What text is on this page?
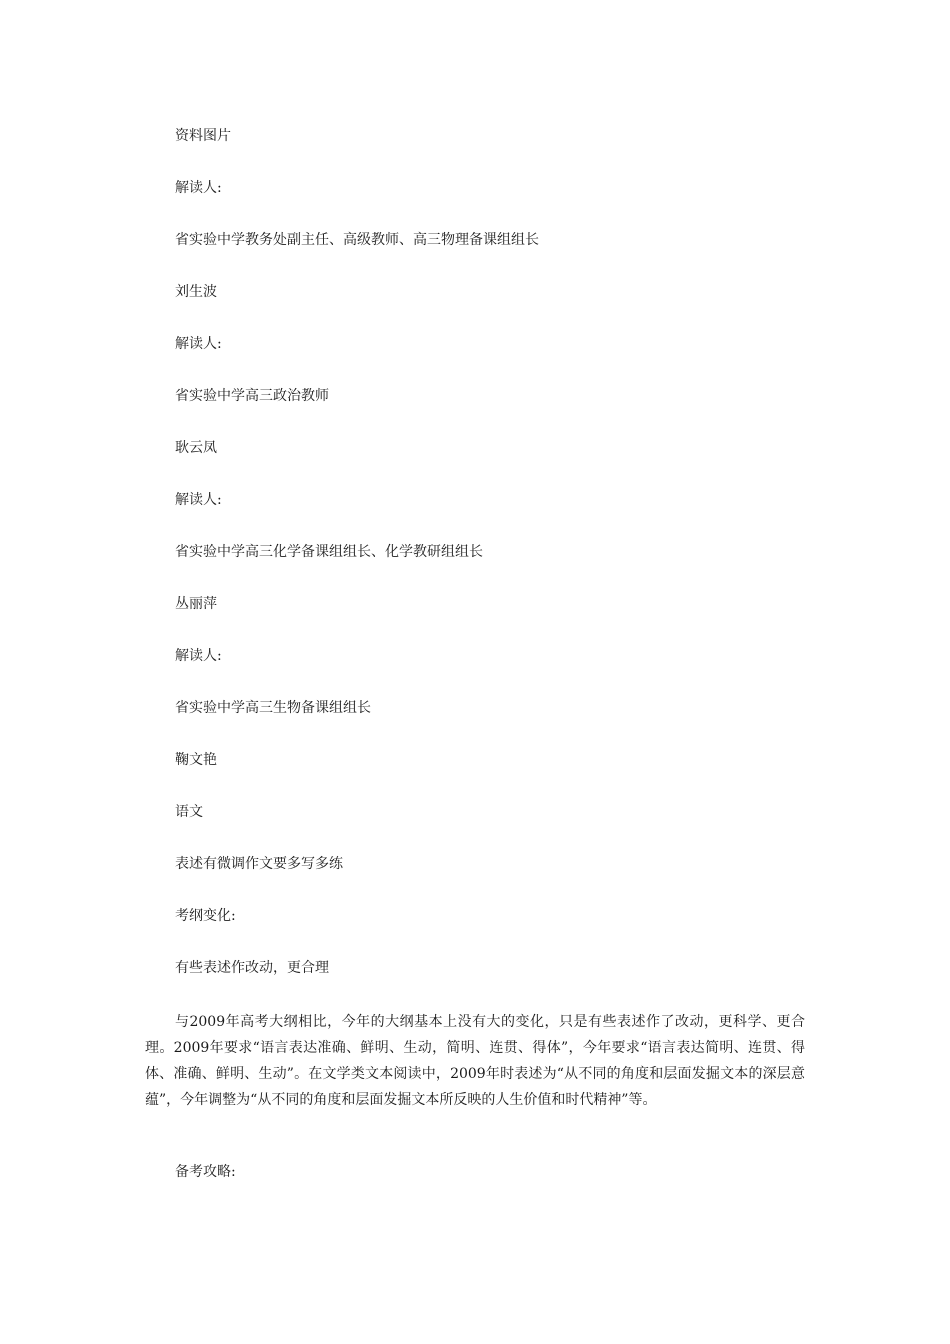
资料图片
解读人:
省实验中学教务处副主任、高级教师、高三物理备课组组长
刘生波
解读人:
省实验中学高三政治教师
耿云凤
解读人:
省实验中学高三化学备课组组长、化学教研组组长
丛丽萍
解读人:
省实验中学高三生物备课组组长
鞠文艳
语文
表述有微调作文要多写多练
考纲变化:
有些表述作改动，更合理
与2009年高考大纲相比，今年的大纲基本上没有大的变化，只是有些表述作了改动，更科学、更合理。2009年要求“语言表达准确、鲜明、生动，简明、连贯、得体”，今年要求“语言表达简明、连贯、得体、准确、鲜明、生动”。在文学类文本阅读中，2009年时表述为“从不同的角度和层面发掘文本的深层意蕴”，今年调整为“从不同的角度和层面发掘文本所反映的人生价值和时代精神”等。
备考攻略:
